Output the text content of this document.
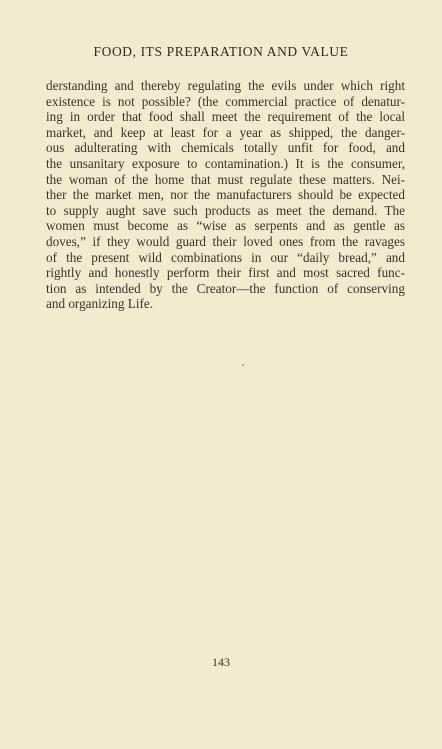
FOOD, ITS PREPARATION AND VALUE
derstanding and thereby regulating the evils under which right
existence is not possible? (the commercial practice of denatur-
ing in order that food shall meet the requirement of the local
market, and keep at least for a year as shipped, the danger-
ous adulterating with chemicals totally unfit for food, and
the unsanitary exposure to contamination.) It is the consumer,
the woman of the home that must regulate these matters. Nei-
ther the market men, nor the manufacturers should be expected
to supply aught save such products as meet the demand. The
women must become as “wise as serpents and as gentle as
doves,” if they would guard their loved ones from the ravages
of the present wild combinations in our “daily bread,” and
rightly and honestly perform their first and most sacred func-
tion as intended by the Creator—the function of conserving
and organizing Life.
143
